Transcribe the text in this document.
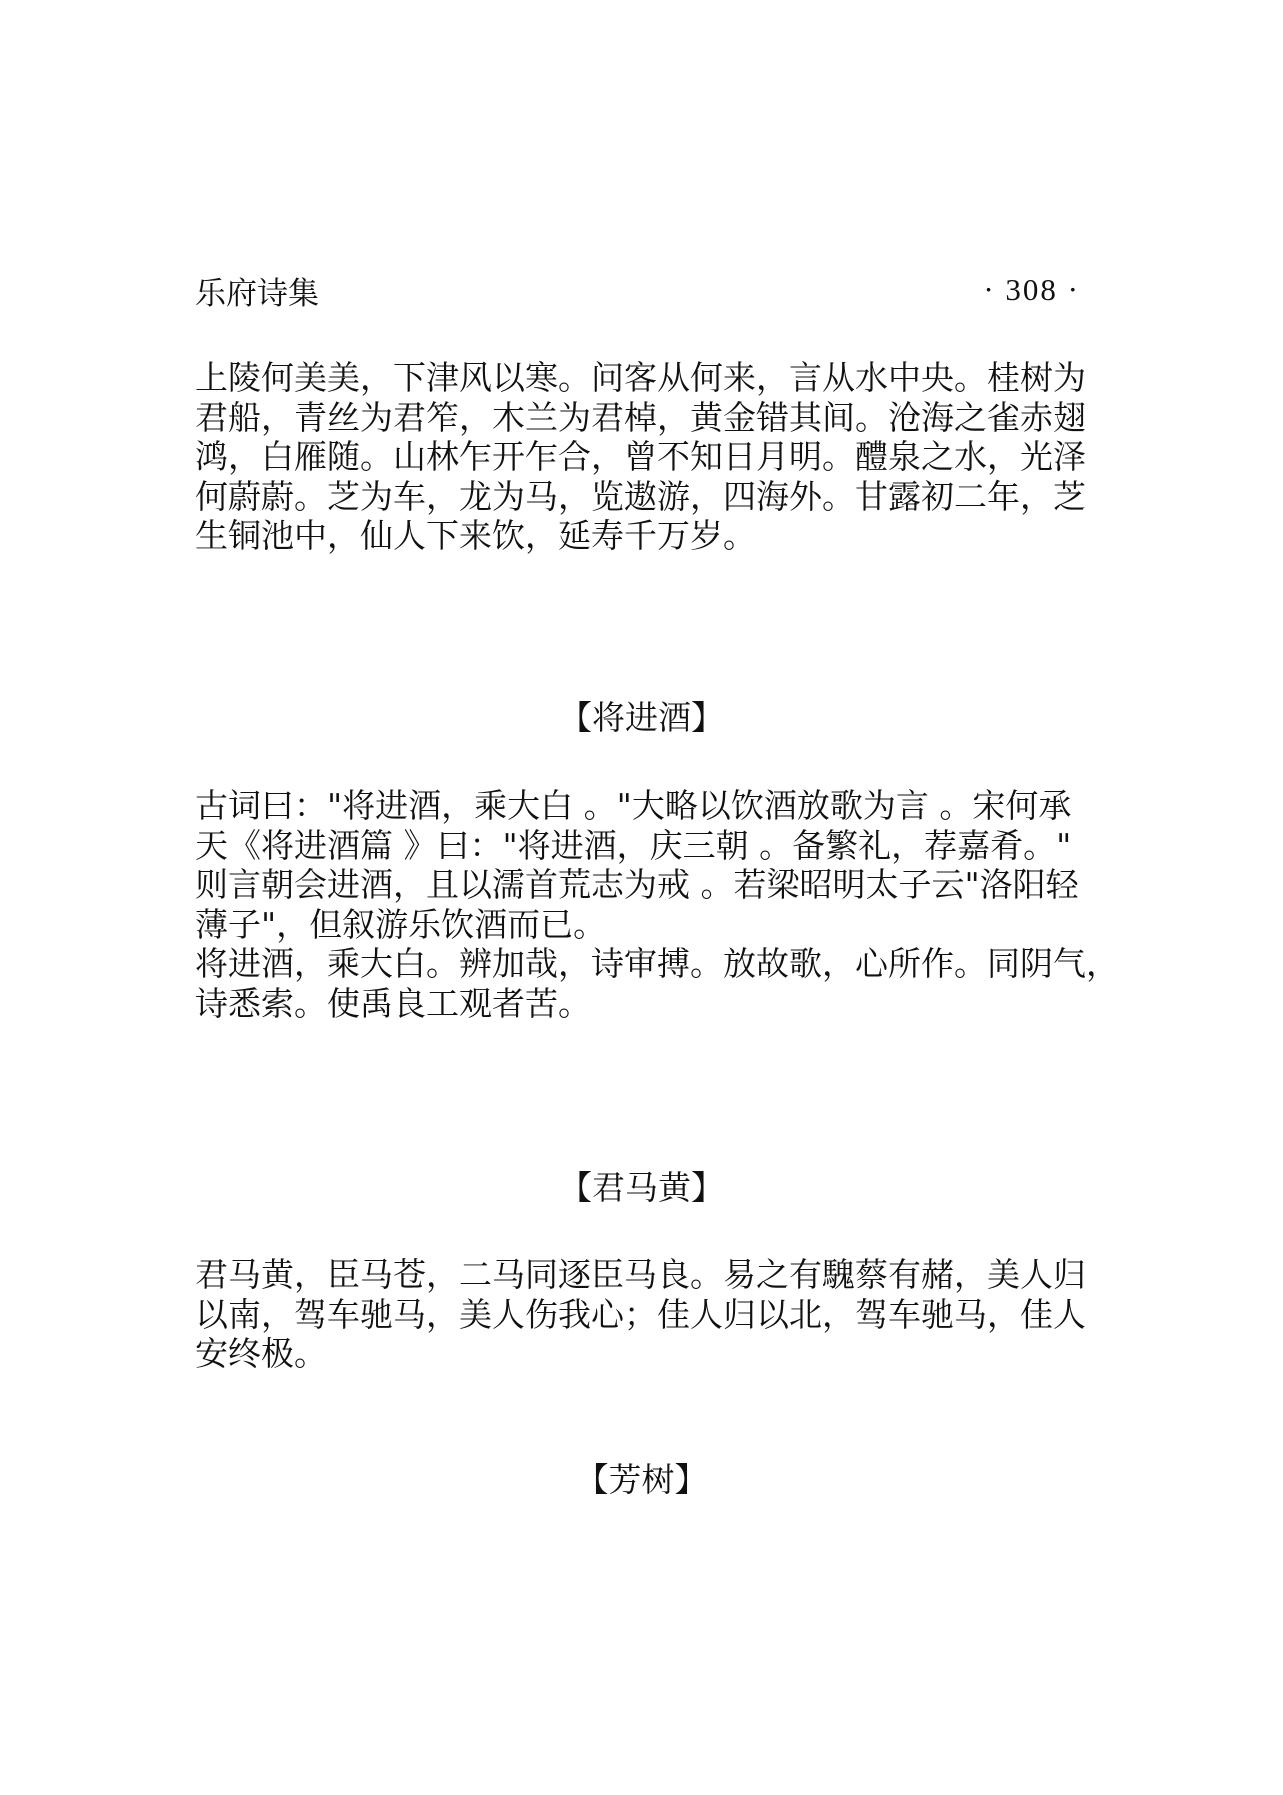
乐府诗集	· 308 ·

上陵何美美，下津风以寒。问客从何来，言从水中央。桂树为
君船，青丝为君笮，木兰为君棹，黄金错其间。沧海之雀赤翅
鸿，白雁随。山林乍开乍合，曾不知日月明。醴泉之水，光泽
何蔚蔚。芝为车，龙为马，览遨游，四海外。甘露初二年，芝
生铜池中，仙人下来饮，延寿千万岁。

【将进酒】

古词曰："将进酒，乘大白 。"大略以饮酒放歌为言 。宋何承
天《将进酒篇 》曰："将进酒，庆三朝 。备繁礼，荐嘉肴。"
则言朝会进酒，且以濡首荒志为戒 。若梁昭明太子云"洛阳轻
薄子"，但叙游乐饮酒而已。
将进酒，乘大白。辨加哉，诗审搏。放故歌，心所作。同阴气，
诗悉索。使禹良工观者苦。

【君马黄】

君马黄，臣马苍，二马同逐臣马良。易之有騩蔡有赭，美人归
以南，驾车驰马，美人伤我心；佳人归以北，驾车驰马，佳人
安终极。

【芳树】
